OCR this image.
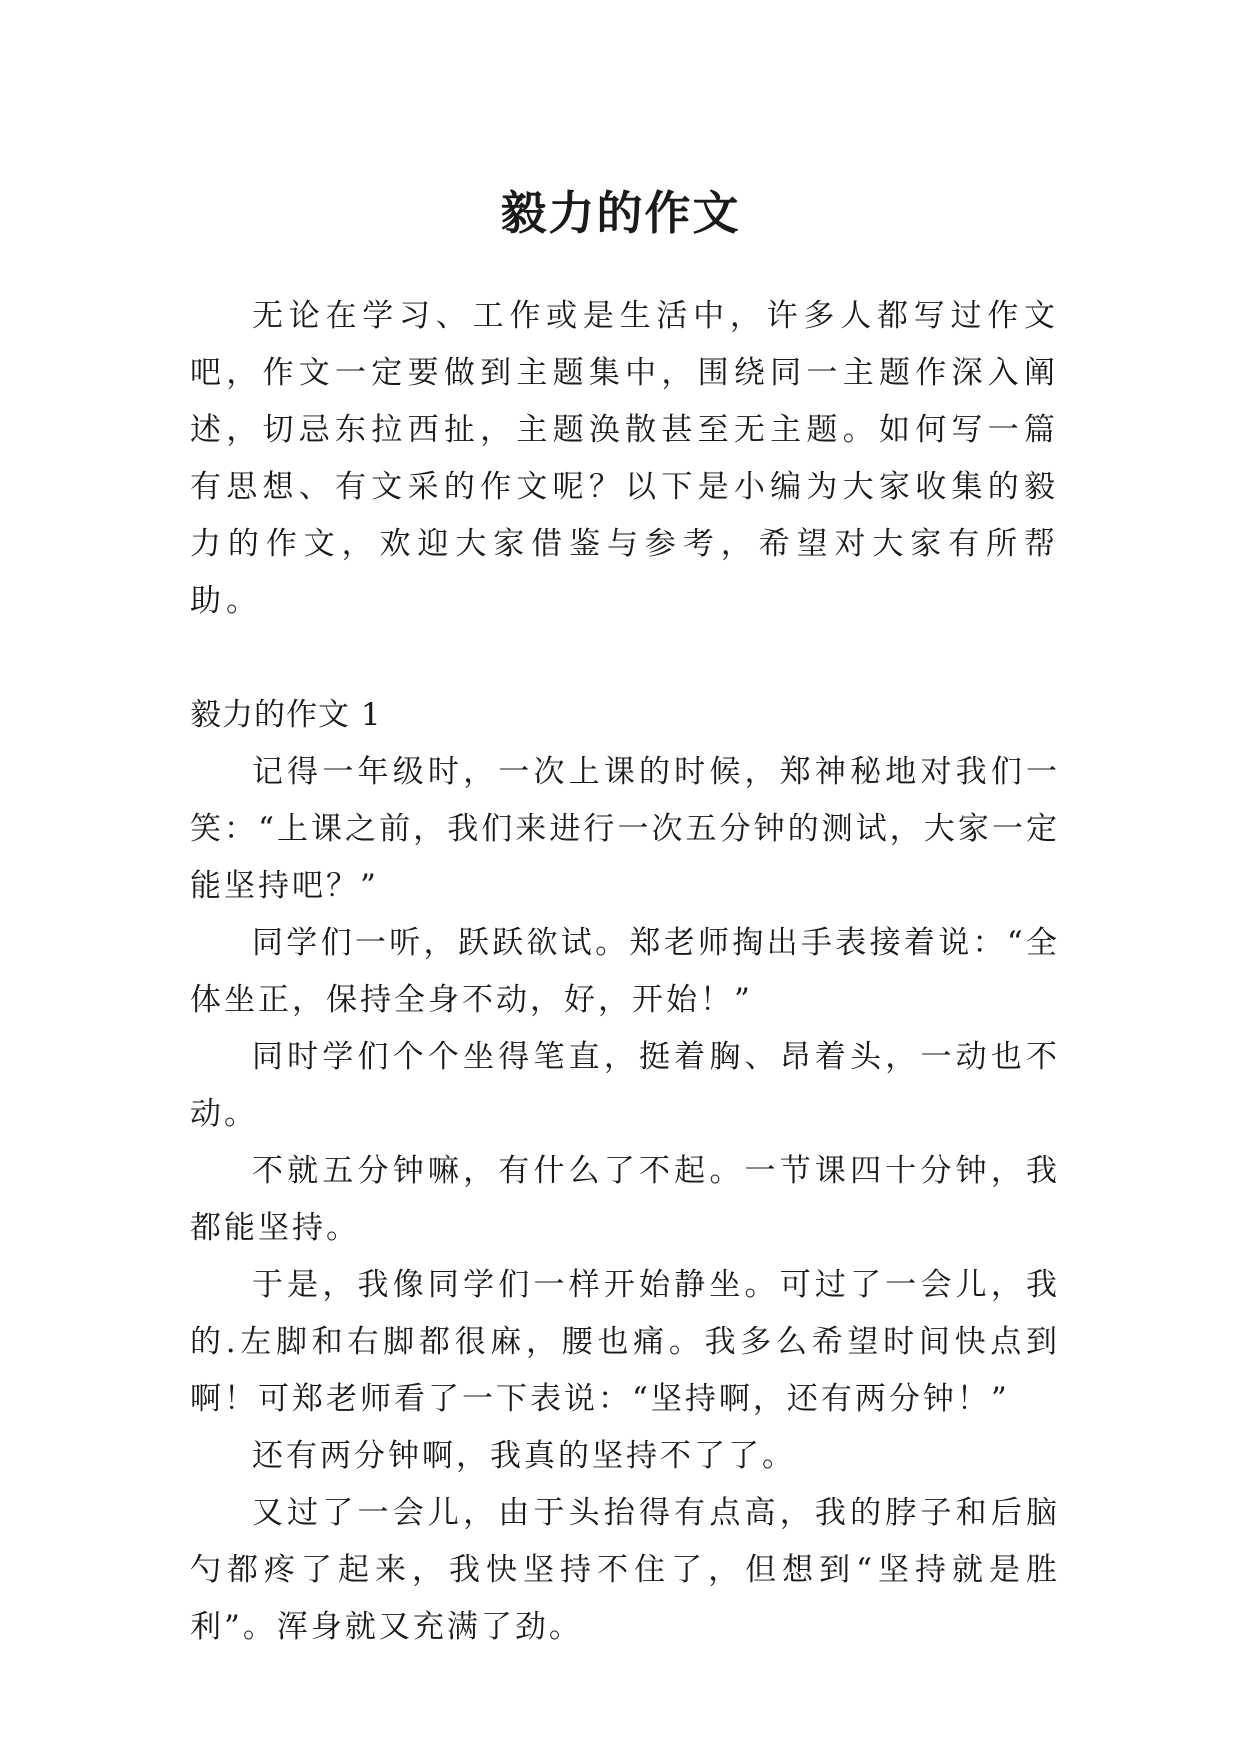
毅力的作文

无论在学习、工作或是生活中，许多人都写过作文吧，作文一定要做到主题集中，围绕同一主题作深入阐述，切忌东拉西扯，主题涣散甚至无主题。如何写一篇有思想、有文采的作文呢？以下是小编为大家收集的毅力的作文，欢迎大家借鉴与参考，希望对大家有所帮助。

毅力的作文 1

记得一年级时，一次上课的时候，郑神秘地对我们一笑：“上课之前，我们来进行一次五分钟的测试，大家一定能坚持吧？”

同学们一听，跃跃欲试。郑老师掏出手表接着说：“全体坐正，保持全身不动，好，开始！”

同时学们个个坐得笔直，挺着胸、昂着头，一动也不动。

不就五分钟嘛，有什么了不起。一节课四十分钟，我都能坚持。

于是，我像同学们一样开始静坐。可过了一会儿，我的.左脚和右脚都很麻，腰也痛。我多么希望时间快点到啊！可郑老师看了一下表说：“坚持啊，还有两分钟！”

还有两分钟啊，我真的坚持不了了。

又过了一会儿，由于头抬得有点高，我的脖子和后脑勺都疼了起来，我快坚持不住了，但想到“坚持就是胜利”。浑身就又充满了劲。
